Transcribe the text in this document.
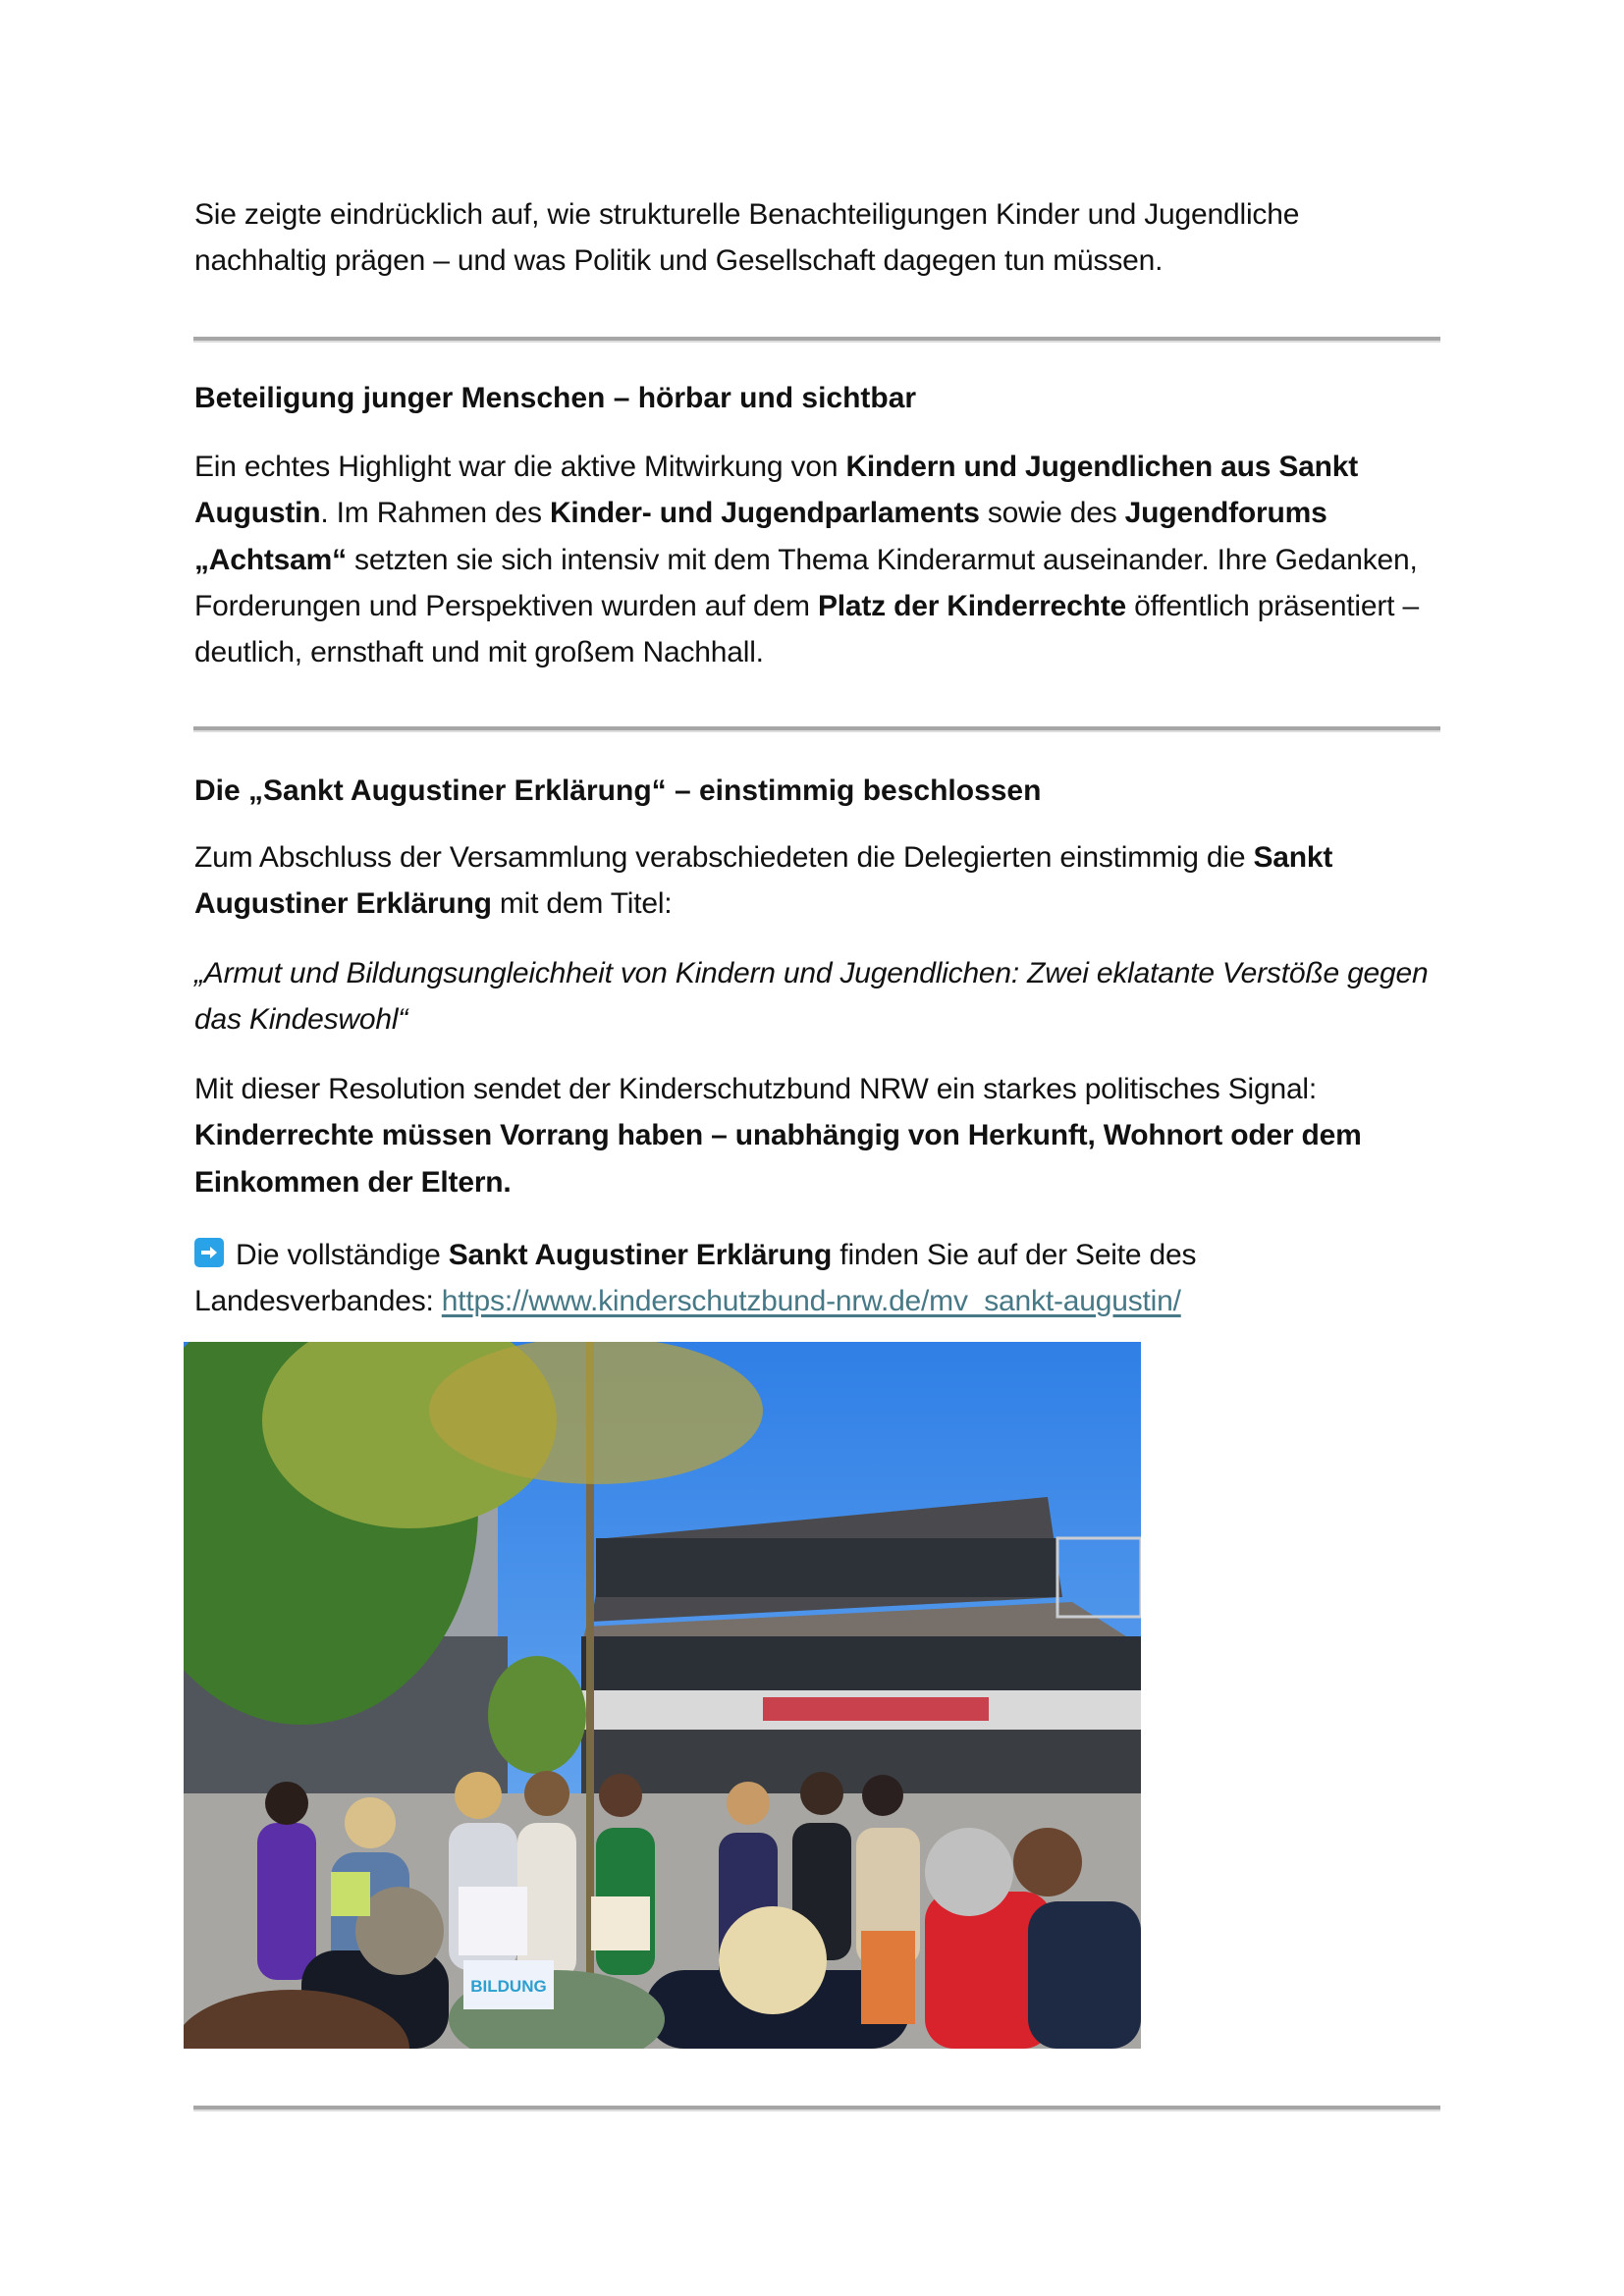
Sie zeigte eindrücklich auf, wie strukturelle Benachteiligungen Kinder und Jugendliche nachhaltig prägen – und was Politik und Gesellschaft dagegen tun müssen.

Beteiligung junger Menschen – hörbar und sichtbar

Ein echtes Highlight war die aktive Mitwirkung von Kindern und Jugendlichen aus Sankt Augustin. Im Rahmen des Kinder- und Jugendparlaments sowie des Jugendforums „Achtsam“ setzten sie sich intensiv mit dem Thema Kinderarmut auseinander. Ihre Gedanken, Forderungen und Perspektiven wurden auf dem Platz der Kinderrechte öffentlich präsentiert – deutlich, ernsthaft und mit großem Nachhall.

Die „Sankt Augustiner Erklärung“ – einstimmig beschlossen

Zum Abschluss der Versammlung verabschiedeten die Delegierten einstimmig die Sankt Augustiner Erklärung mit dem Titel:

„Armut und Bildungsungleichheit von Kindern und Jugendlichen: Zwei eklatante Verstöße gegen das Kindeswohl“

Mit dieser Resolution sendet der Kinderschutzbund NRW ein starkes politisches Signal: Kinderrechte müssen Vorrang haben – unabhängig von Herkunft, Wohnort oder dem Einkommen der Eltern.

Die vollständige Sankt Augustiner Erklärung finden Sie auf der Seite des Landesverbandes: https://www.kinderschutzbund-nrw.de/mv_sankt-augustin/

BILDUNG
